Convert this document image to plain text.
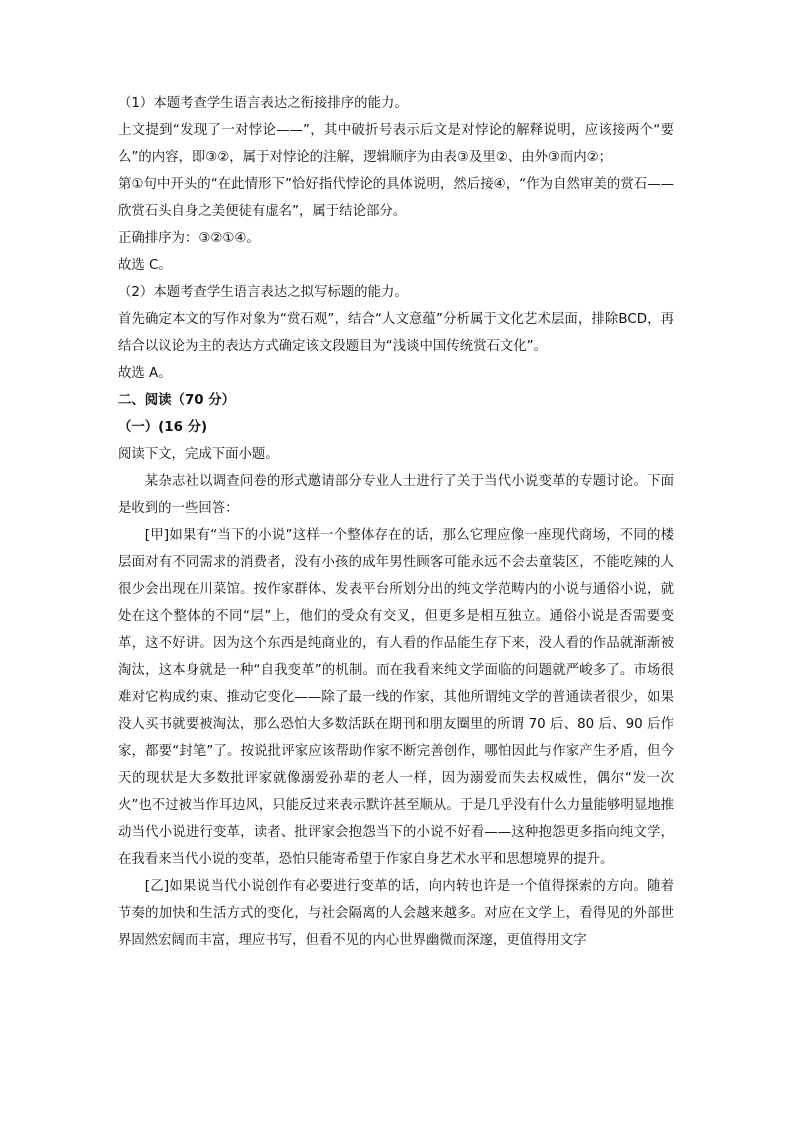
（1）本题考查学生语言表达之衔接排序的能力。

上文提到“发现了一对悖论——”，其中破折号表示后文是对悖论的解释说明，应该接两个“要么”的内容，即③②，属于对悖论的注解，逻辑顺序为由表③及里②、由外③而内②；

第①句中开头的“在此情形下”恰好指代悖论的具体说明，然后接④，“作为自然审美的赏石——欣赏石头自身之美便徒有虚名”，属于结论部分。

正确排序为：③②①④。

故选 C。

（2）本题考查学生语言表达之拟写标题的能力。

首先确定本文的写作对象为“赏石观”，结合“人文意蕴”分析属于文化艺术层面，排除BCD，再结合以议论为主的表达方式确定该文段题目为“浅谈中国传统赏石文化”。

故选 A。

二、阅读（70 分）

（一）(16 分)

阅读下文，完成下面小题。

某杂志社以调查问卷的形式邀请部分专业人士进行了关于当代小说变革的专题讨论。下面是收到的一些回答：

[甲]如果有“当下的小说”这样一个整体存在的话，那么它理应像一座现代商场，不同的楼层面对有不同需求的消费者，没有小孩的成年男性顾客可能永远不会去童装区，不能吃辣的人很少会出现在川菜馆。按作家群体、发表平台所划分出的纯文学范畴内的小说与通俗小说，就处在这个整体的不同“层”上，他们的受众有交叉，但更多是相互独立。通俗小说是否需要变革，这不好讲。因为这个东西是纯商业的，有人看的作品能生存下来，没人看的作品就渐渐被淘汰，这本身就是一种“自我变革”的机制。而在我看来纯文学面临的问题就严峻多了。市场很难对它构成约束、推动它变化——除了最一线的作家，其他所谓纯文学的普通读者很少，如果没人买书就要被淘汰，那么恐怕大多数活跃在期刊和朋友圈里的所谓 70 后、80 后、90 后作家，都要“封笔”了。按说批评家应该帮助作家不断完善创作，哪怕因此与作家产生矛盾，但今天的现状是大多数批评家就像溺爱孙辈的老人一样，因为溺爱而失去权威性，偶尔“发一次火”也不过被当作耳边风，只能反过来表示默许甚至顺从。于是几乎没有什么力量能够明显地推动当代小说进行变革，读者、批评家会抱怨当下的小说不好看——这种抱怨更多指向纯文学，在我看来当代小说的变革，恐怕只能寄希望于作家自身艺术水平和思想境界的提升。

[乙]如果说当代小说创作有必要进行变革的话，向内转也许是一个值得探索的方向。随着节奏的加快和生活方式的变化，与社会隔离的人会越来越多。对应在文学上，看得见的外部世界固然宏阔而丰富，理应书写，但看不见的内心世界幽微而深邃，更值得用文字
